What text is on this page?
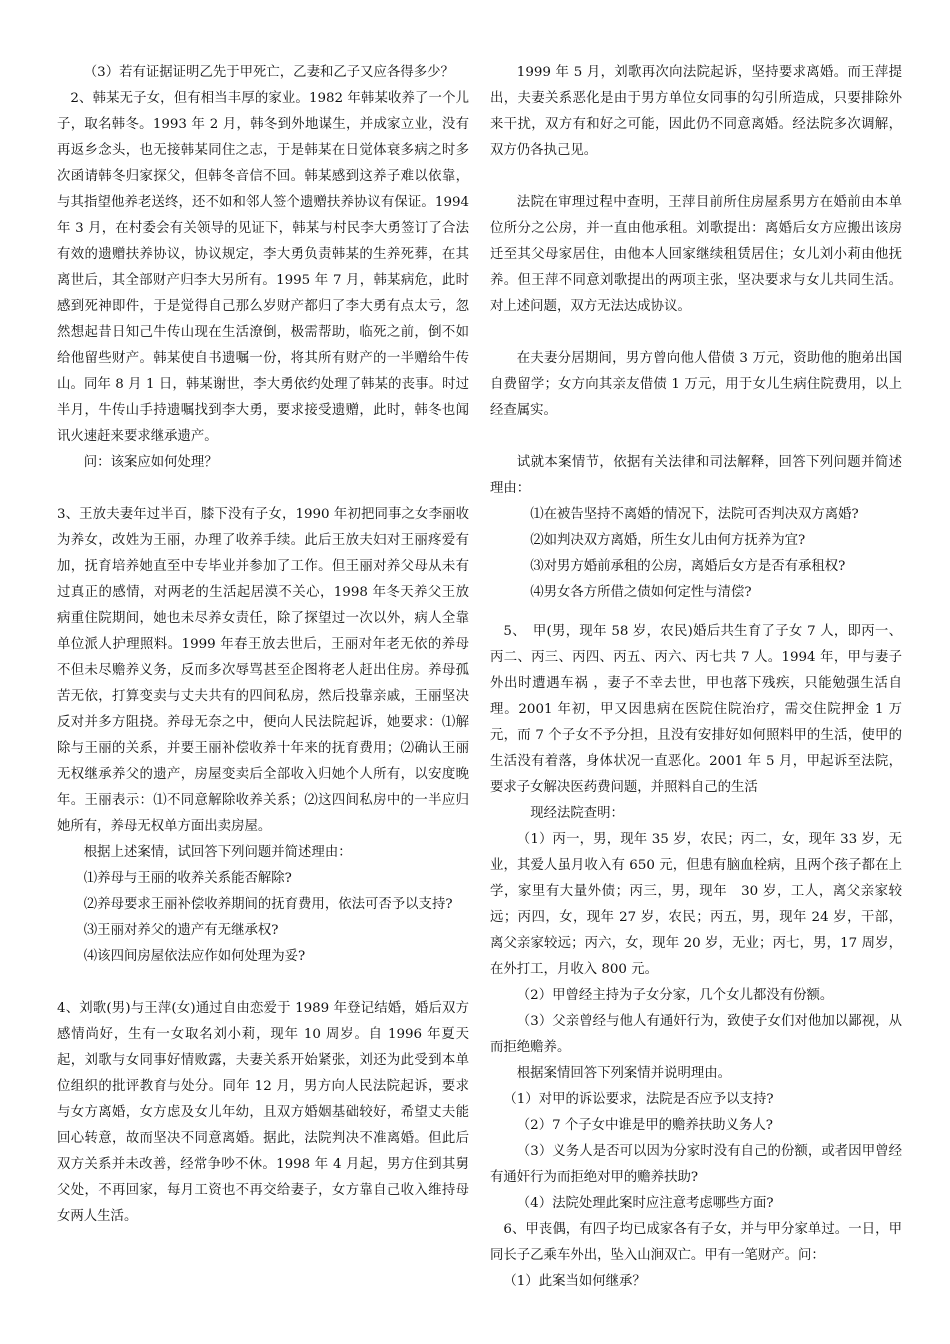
（3）若有证据证明乙先于甲死亡，乙妻和乙子又应各得多少？

2、韩某无子女，但有相当丰厚的家业。1982 年韩某收养了一个儿子，取名韩冬。1993 年 2 月，韩冬到外地谋生，并成家立业，没有再返乡念头，也无接韩某同住之志，于是韩某在日觉体衰多病之时多次函请韩冬归家探父，但韩冬音信不回。韩某感到这养子难以依靠，与其指望他养老送终，还不如和邻人签个遗赠扶养协议有保证。1994 年 3 月，在村委会有关领导的见证下，韩某与村民李大勇签订了合法有效的遗赠扶养协议，协议规定，李大勇负责韩某的生养死葬，在其离世后，其全部财产归李大另所有。1995 年 7 月，韩某病危，此时感到死神即件，于是觉得自己那么岁财产都归了李大勇有点太亏，忽然想起昔日知己牛传山现在生活潦倒，极需帮助，临死之前，倒不如给他留些财产。韩某使自书遗嘱一份，将其所有财产的一半赠给牛传山。同年 8 月 1 日，韩某谢世，李大勇依约处理了韩某的丧事。时过半月，牛传山手持遗嘱找到李大勇，要求接受遗赠，此时，韩冬也闻讯火速赶来要求继承遗产。

问：该案应如何处理？

3、王放夫妻年过半百，膝下没有子女，1990 年初把同事之女李丽收为养女，改姓为王丽，办理了收养手续。此后王放夫妇对王丽疼爱有加，抚育培养她直至中专毕业并参加了工作。但王丽对养父母从未有过真正的感情，对两老的生活起居漠不关心，1998 年冬天养父王放病重住院期间，她也未尽养女责任，除了探望过一次以外，病人全靠单位派人护理照料。1999 年春王放去世后，王丽对年老无依的养母不但未尽赡养义务，反而多次辱骂甚至企图将老人赶出住房。养母孤苦无依，打算变卖与丈夫共有的四间私房，然后投靠亲戚，王丽坚决反对并多方阻挠。养母无奈之中，便向人民法院起诉，她要求：⑴解除与王丽的关系，并要王丽补偿收养十年来的抚育费用；⑵确认王丽无权继承养父的遗产，房屋变卖后全部收入归她个人所有，以安度晚年。王丽表示：⑴不同意解除收养关系；⑵这四间私房中的一半应归她所有，养母无权单方面出卖房屋。

根据上述案情，试回答下列问题并简述理由：

⑴养母与王丽的收养关系能否解除?

⑵养母要求王丽补偿收养期间的抚育费用，依法可否予以支持?

⑶王丽对养父的遗产有无继承权?

⑷该四间房屋依法应作如何处理为妥?

4、刘歌(男)与王萍(女)通过自由恋爱于 1989 年登记结婚，婚后双方感情尚好，生有一女取名刘小莉，现年 10 周岁。自 1996 年夏天起，刘歌与女同事好情败露，夫妻关系开始紧张，刘还为此受到本单位组织的批评教育与处分。同年 12 月，男方向人民法院起诉，要求与女方离婚，女方虑及女儿年幼，且双方婚姻基础较好，希望丈夫能回心转意，故而坚决不同意离婚。据此，法院判决不准离婚。但此后双方关系并未改善，经常争吵不休。1998 年 4 月起，男方住到其舅父处，不再回家，每月工资也不再交给妻子，女方靠自己收入维持母女两人生活。

1999 年 5 月，刘歌再次向法院起诉，坚持要求离婚。而王萍提出，夫妻关系恶化是由于男方单位女同事的勾引所造成，只要排除外来干扰，双方有和好之可能，因此仍不同意离婚。经法院多次调解，双方仍各执己见。

法院在审理过程中查明，王萍目前所住房屋系男方在婚前由本单位所分之公房，并一直由他承租。刘歌提出：离婚后女方应搬出该房迁至其父母家居住，由他本人回家继续租赁居住；女儿刘小莉由他抚养。但王萍不同意刘歌提出的两项主张，坚决要求与女儿共同生活。对上述问题，双方无法达成协议。

在夫妻分居期间，男方曾向他人借债 3 万元，资助他的胞弟出国自费留学；女方向其亲友借债 1 万元，用于女儿生病住院费用，以上经查属实。

试就本案情节，依据有关法律和司法解释，回答下列问题并简述理由：

⑴在被告坚持不离婚的情况下，法院可否判决双方离婚?

⑵如判决双方离婚，所生女儿由何方抚养为宜?

⑶对男方婚前承租的公房，离婚后女方是否有承租权?

⑷男女各方所借之债如何定性与清偿?

5、　甲(男，现年 58 岁，农民)婚后共生育了子女 7 人，即丙一、丙二、丙三、丙四、丙五、丙六、丙七共 7 人。1994 年，甲与妻子外出时遭遇车祸 ，妻子不幸去世，甲也落下残疾，只能勉强生活自理。2001 年初，甲又因患病在医院住院治疗，需交住院押金 1 万元，而 7 个子女不予分担，且没有安排好如何照料甲的生活，使甲的生活没有着落，身体状况一直恶化。2001 年 5 月，甲起诉至法院，要求子女解决医药费问题，并照料自己的生活

现经法院查明：

（1）丙一，男，现年 35 岁，农民；丙二，女，现年 33 岁，无业，其爱人虽月收入有 650 元，但患有脑血栓病，且两个孩子都在上学，家里有大量外债；丙三，男，现年　30 岁，工人，离父亲家较远；丙四，女，现年 27 岁，农民；丙五，男，现年 24 岁，干部，离父亲家较远；丙六，女，现年 20 岁，无业；丙七，男，17 周岁，在外打工，月收入 800 元。

（2）甲曾经主持为子女分家，几个女儿都没有份额。

（3）父亲曾经与他人有通奸行为，致使子女们对他加以鄙视，从而拒绝赡养。

根据案情回答下列案情并说明理由。

（1）对甲的诉讼要求，法院是否应予以支持?

（2）7 个子女中谁是甲的赡养扶助义务人?

（3）义务人是否可以因为分家时没有自己的份额，或者因甲曾经有通奸行为而拒绝对甲的赡养扶助?

（4）法院处理此案时应注意考虑哪些方面?

6、甲丧偶，有四子均已成家各有子女，并与甲分家单过。一日，甲同长子乙乘车外出，坠入山涧双亡。甲有一笔财产。问：

（1）此案当如何继承？
